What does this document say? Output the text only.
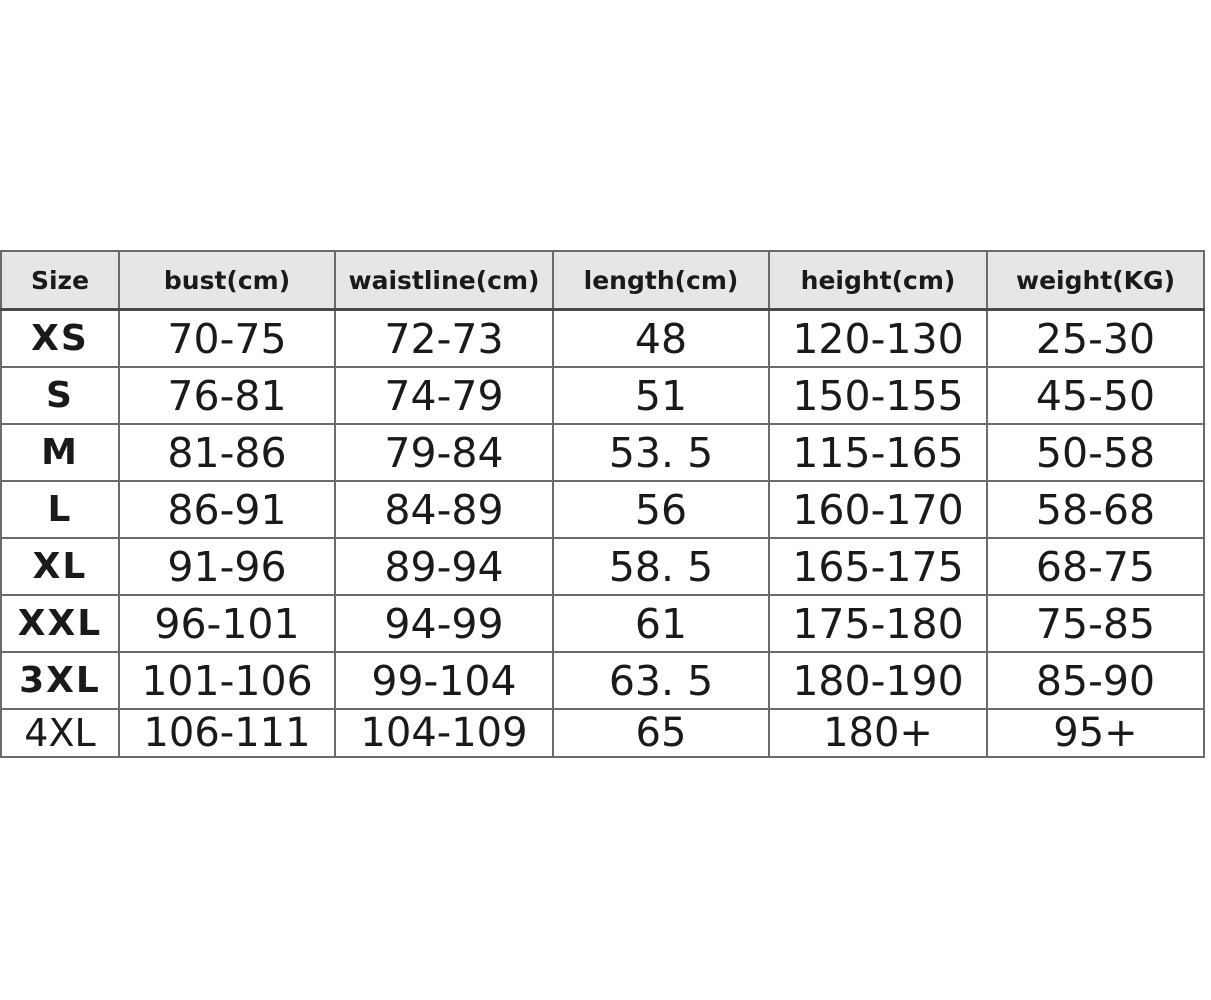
Size	bust(cm)	waistline(cm)	length(cm)	height(cm)	weight(KG)
XS	70-75	72-73	48	120-130	25-30
S	76-81	74-79	51	150-155	45-50
M	81-86	79-84	53. 5	115-165	50-58
L	86-91	84-89	56	160-170	58-68
XL	91-96	89-94	58. 5	165-175	68-75
XXL	96-101	94-99	61	175-180	75-85
3XL	101-106	99-104	63. 5	180-190	85-90
4XL	106-111	104-109	65	180+	95+
